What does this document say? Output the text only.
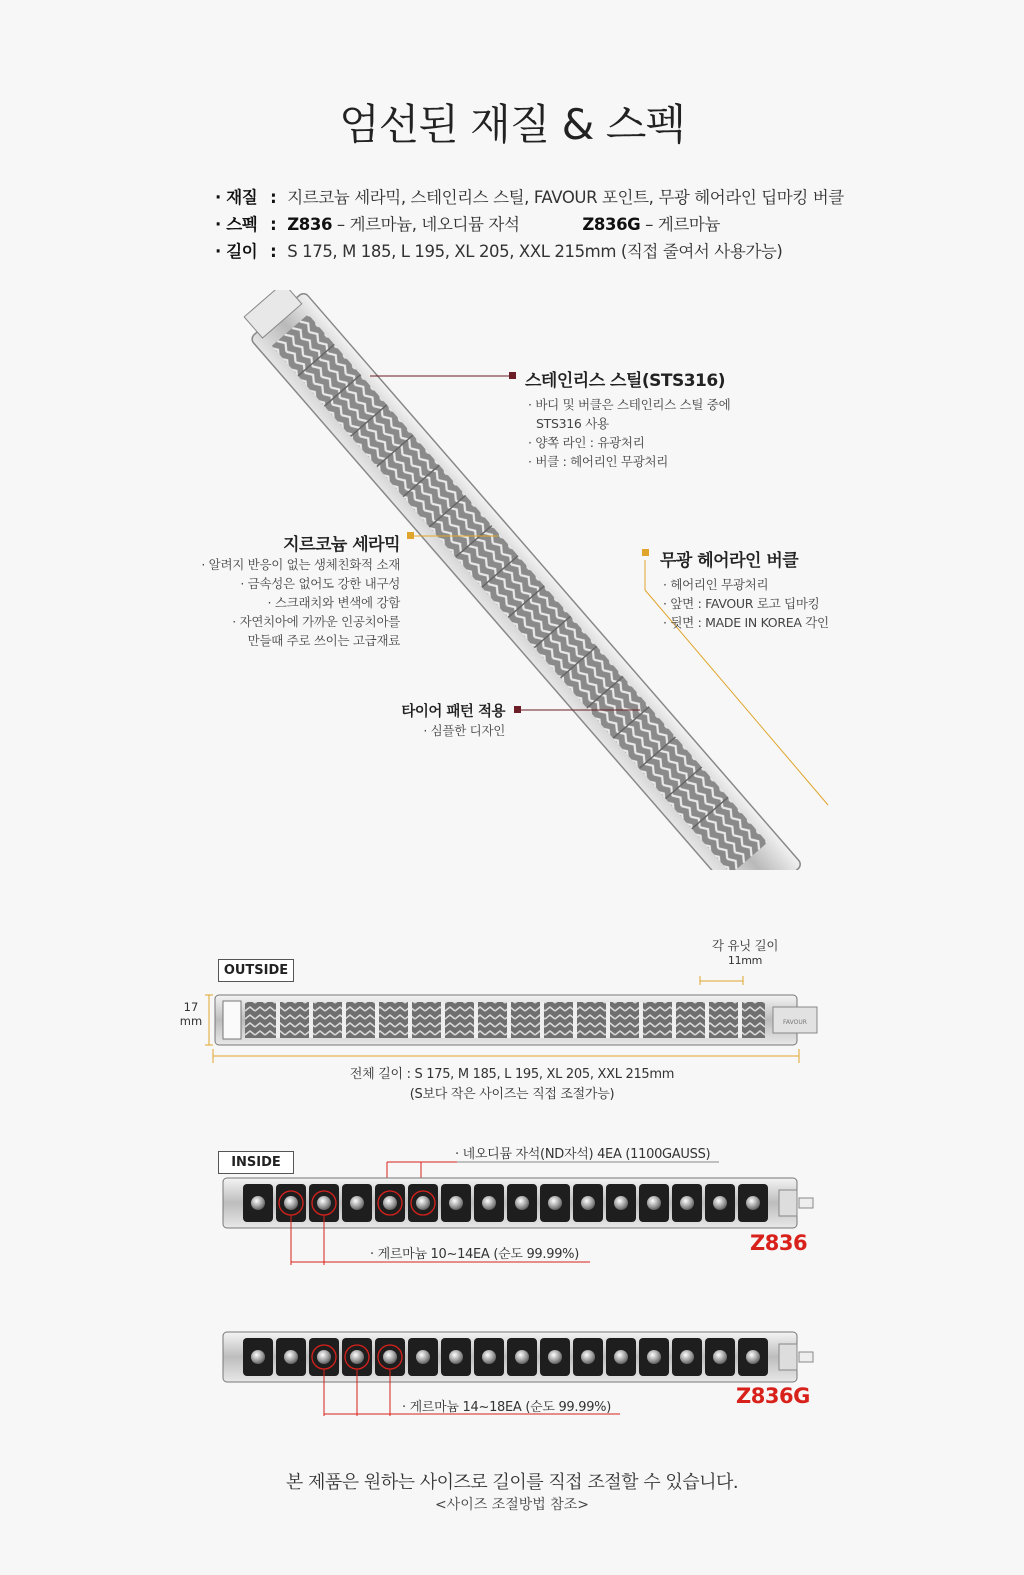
엄선된 재질 & 스펙
· 재질 : 지르코늄 세라믹, 스테인리스 스틸, FAVOUR 포인트, 무광 헤어라인 딥마킹 버클
· 스펙 : Z836 – 게르마늄, 네오디뮴 자석	Z836G – 게르마늄
· 길이 : S 175, M 185, L 195, XL 205, XXL 215mm (직접 줄여서 사용가능)
스테인리스 스틸(STS316)
· 바디 및 버클은 스테인리스 스틸 중에
STS316 사용
· 양쪽 라인 : 유광처리
· 버클 : 헤어리인 무광처리
지르코늄 세라믹
· 알려지 반응이 없는 생체친화적 소재
· 금속성은 없어도 강한 내구성
· 스크래치와 변색에 강함
· 자연치아에 가까운 인공치아를
만들때 주로 쓰이는 고급재료
무광 헤어라인 버클
· 헤어리인 무광처리
· 앞면 : FAVOUR 로고 딥마킹
· 뒷면 : MADE IN KOREA 각인
타이어 패턴 적용
· 심플한 디자인
각 유닛 길이
11mm
OUTSIDE
17
mm	FAVOUR
전체 길이 : S 175, M 185, L 195, XL 205, XXL 215mm
(S보다 작은 사이즈는 직접 조절가능)
· 네오디뮴 자석(ND자석) 4EA (1100GAUSS)
INSIDE
· 게르마늄 10~14EA (순도 99.99%)	Z836
· 게르마늄 14~18EA (순도 99.99%)	Z836G
본 제품은 원하는 사이즈로 길이를 직접 조절할 수 있습니다.
<사이즈 조절방법 참조>
